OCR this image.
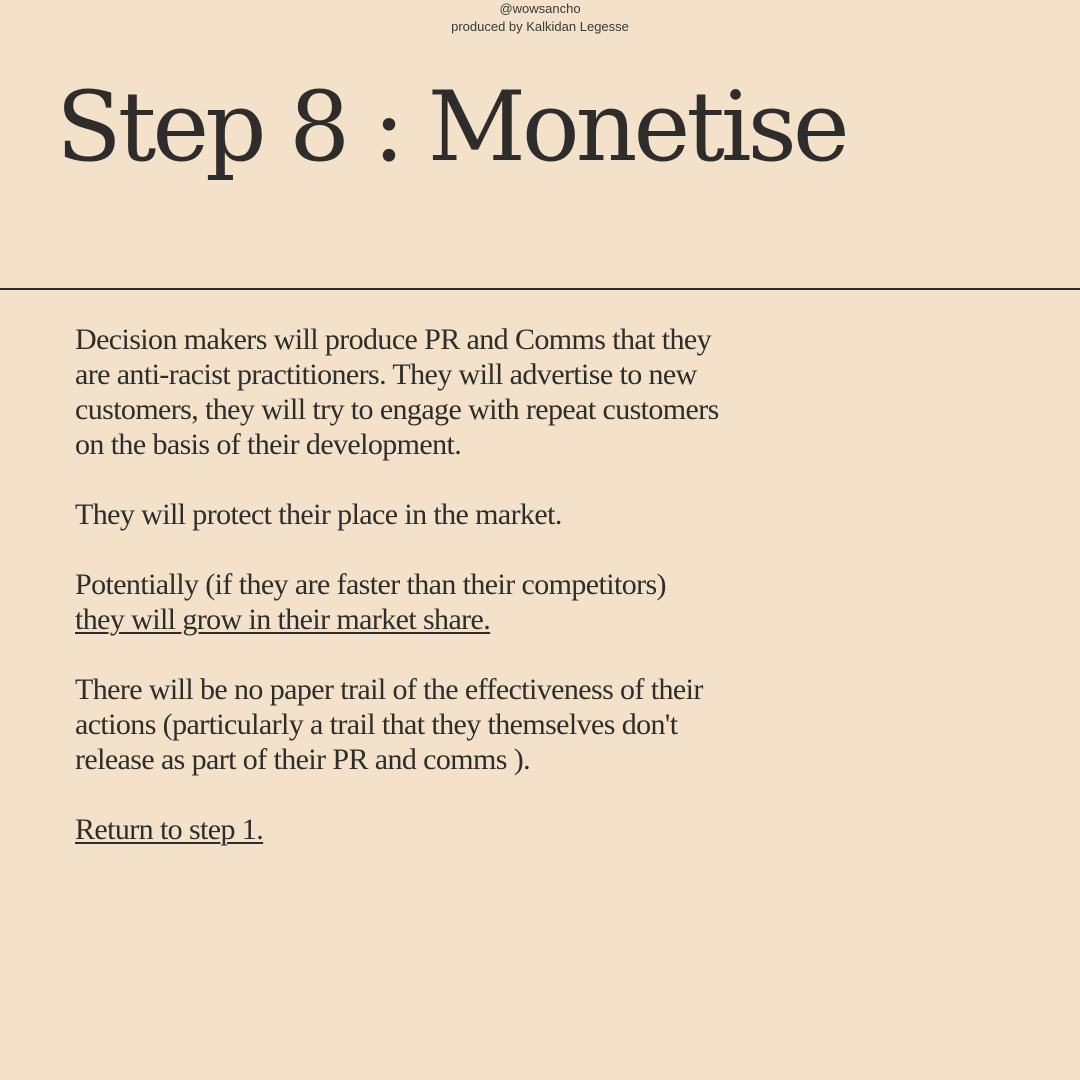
@wowsancho
produced by Kalkidan Legesse
Step 8 : Monetise

Decision makers will produce PR and Comms that they are anti-racist practitioners. They will advertise to new customers, they will try to engage with repeat customers on the basis of their development.

They will protect their place in the market.

Potentially (if they are faster than their competitors)
they will grow in their market share.

There will be no paper trail of the effectiveness of their actions (particularly a trail that they themselves don't release as part of their PR and comms ).

Return to step 1.
